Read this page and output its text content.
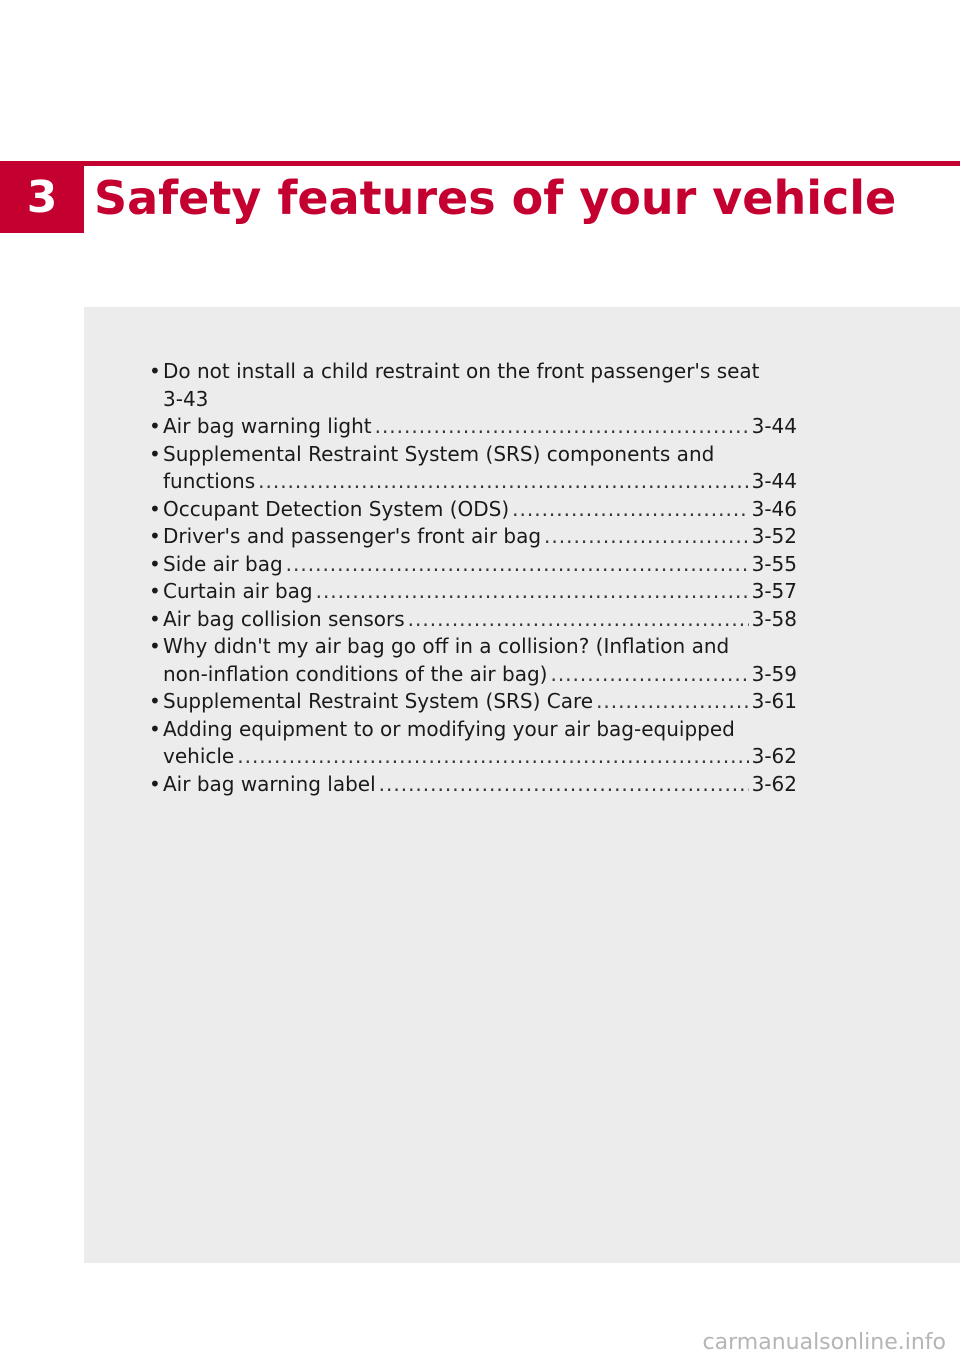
3 Safety features of your vehicle
• Do not install a child restraint on the front passenger's seat
3-43
• Air bag warning light .....	3-44
• Supplemental Restraint System (SRS) components and
functions .....	3-44
• Occupant Detection System (ODS) .....	3-46
• Driver's and passenger's front air bag .....	3-52
• Side air bag .....	3-55
• Curtain air bag .....	3-57
• Air bag collision sensors .....	3-58
• Why didn't my air bag go off in a collision? (Inflation and
non-inflation conditions of the air bag) .....	3-59
• Supplemental Restraint System (SRS) Care .....	3-61
• Adding equipment to or modifying your air bag-equipped
vehicle .....	3-62
• Air bag warning label .....	3-62
carmanualsonline.info
